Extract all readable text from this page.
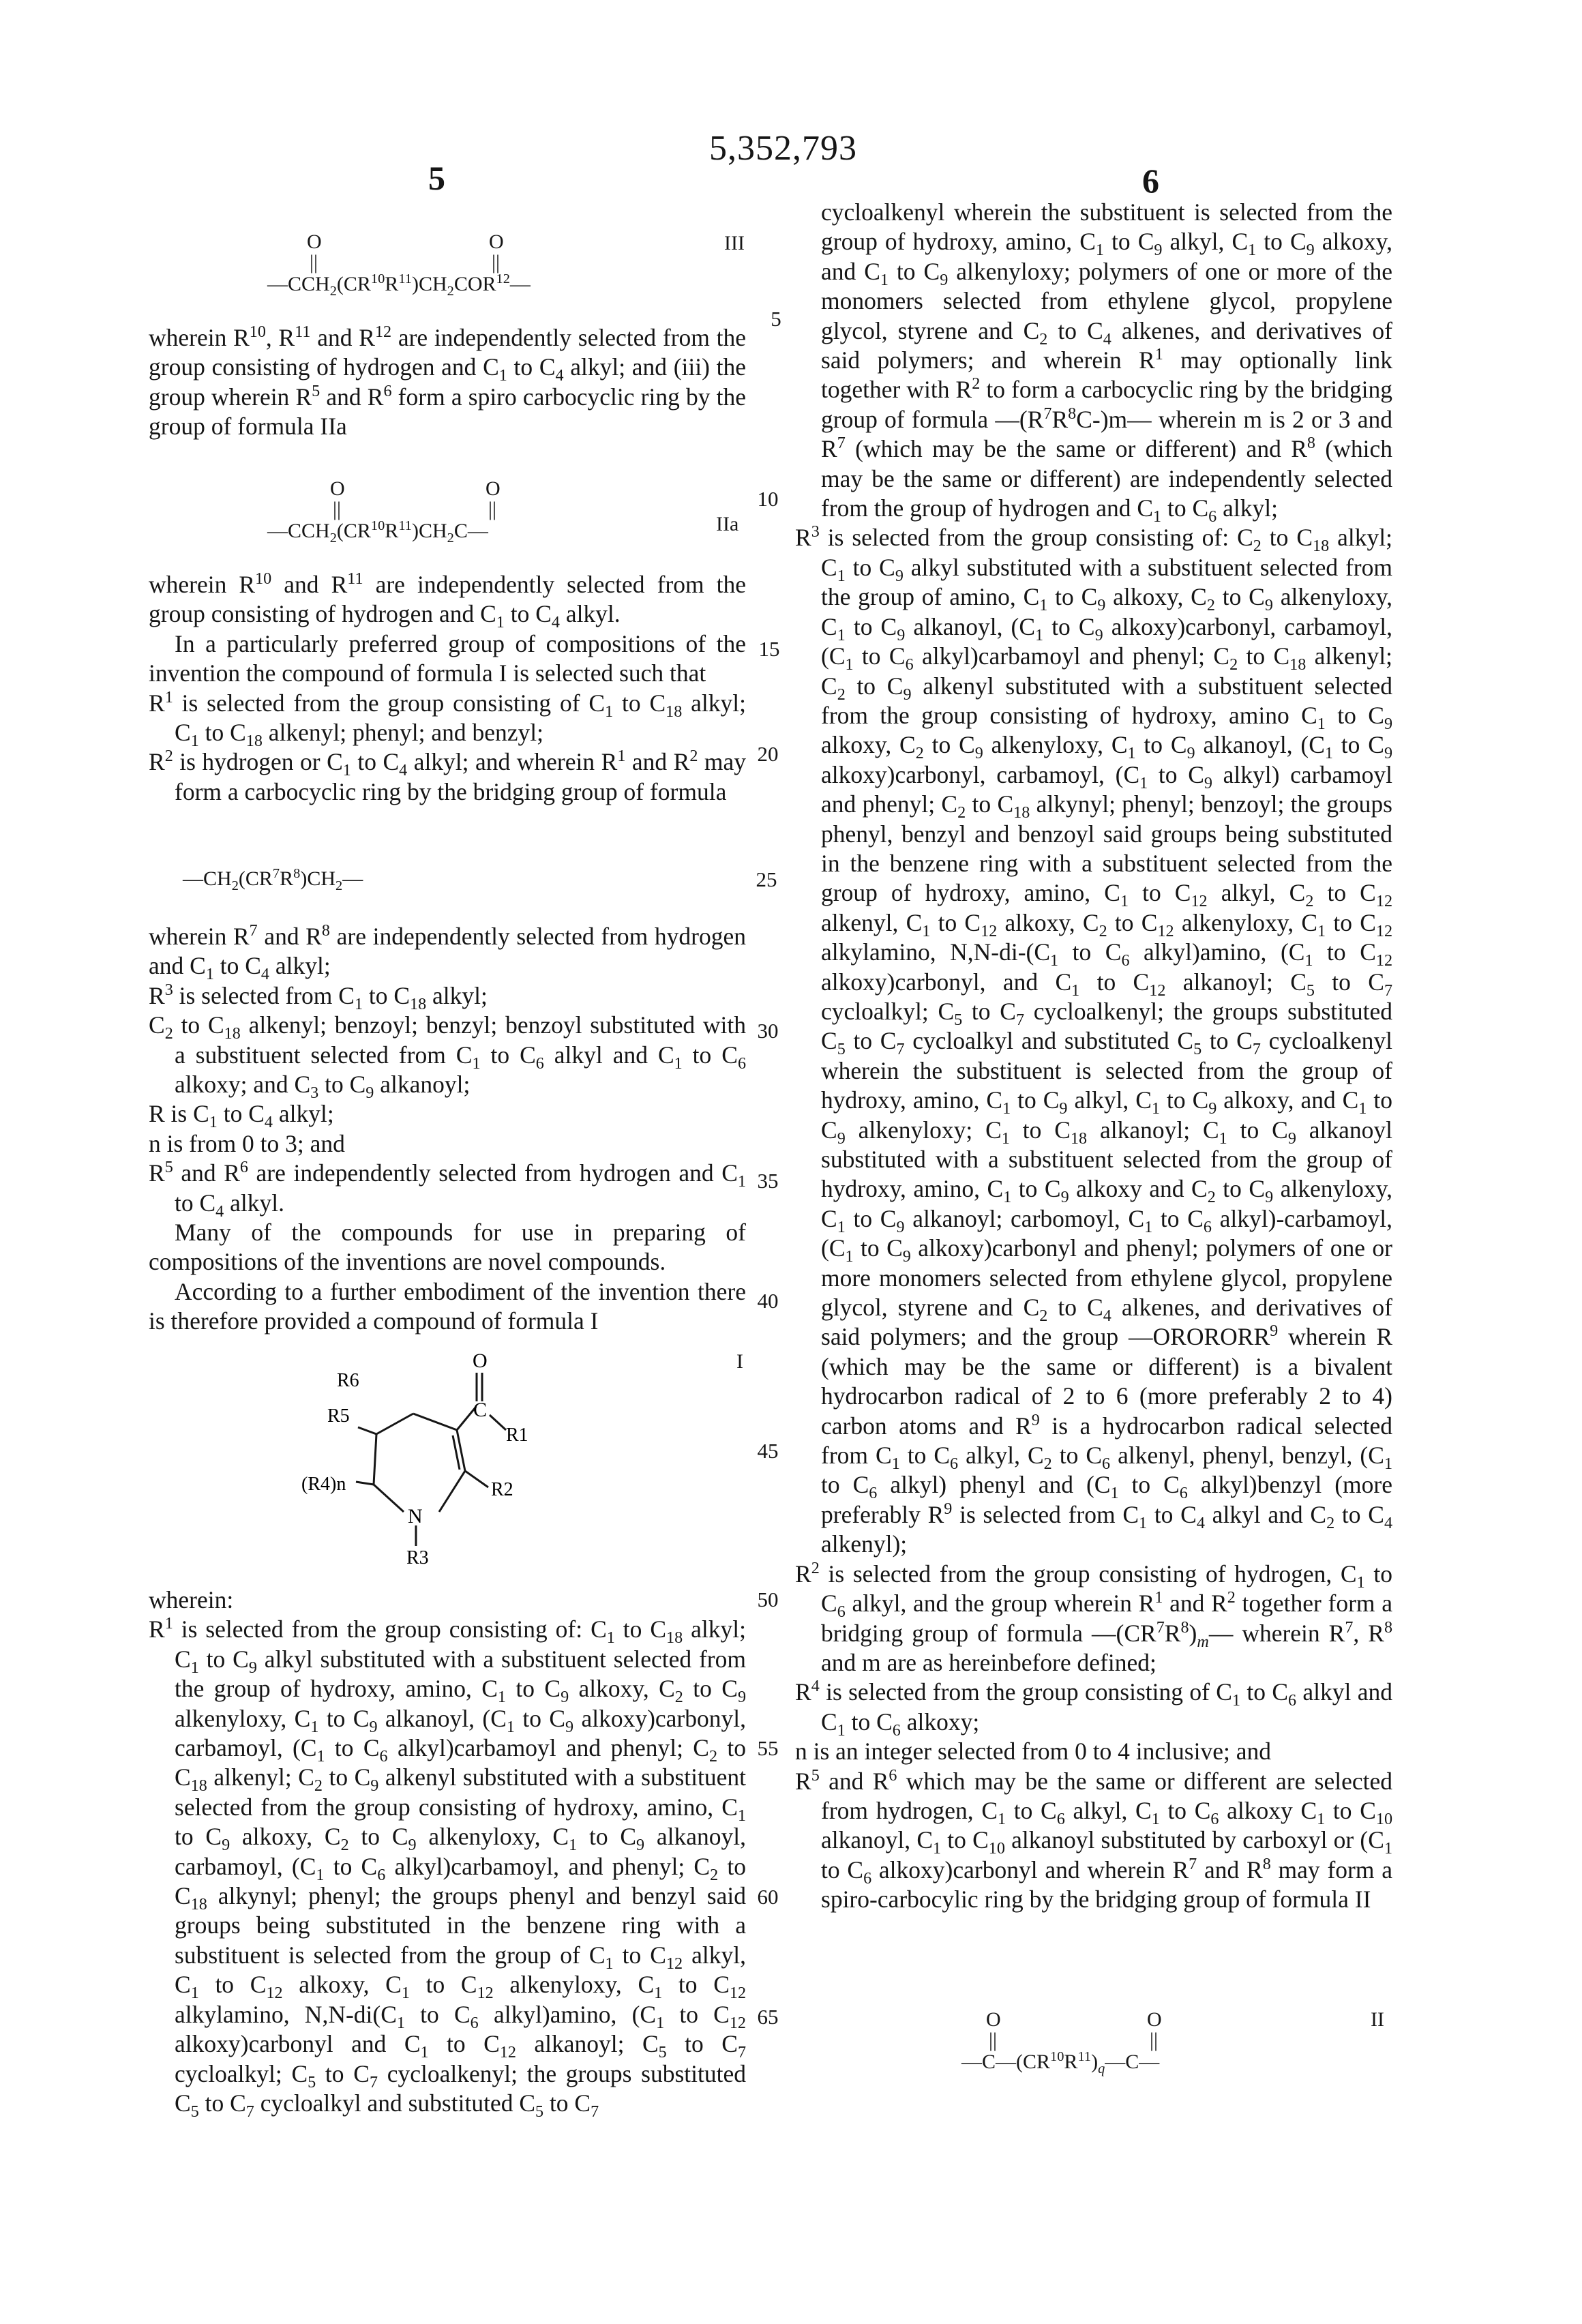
5,352,793
5	6
O	O
||	||
—CCH2(CR10R11)CH2COR12—
III

wherein R10, R11 and R12 are independently selected from the group consisting of hydrogen and C1 to C4 alkyl; and (iii) the group wherein R5 and R6 form a spiro carbocyclic ring by the group of formula IIa

O	O
||	||
—CCH2(CR10R11)CH2C—	IIa

wherein R10 and R11 are independently selected from the group consisting of hydrogen and C1 to C4 alkyl.

In a particularly preferred group of compositions of the invention the compound of formula I is selected such that

R1 is selected from the group consisting of C1 to C18 alkyl; C1 to C18 alkenyl; phenyl; and benzyl;

R2 is hydrogen or C1 to C4 alkyl; and wherein R1 and R2 may form a carbocyclic ring by the bridging group of formula

—CH2(CR7R8)CH2—

wherein R7 and R8 are independently selected from hydrogen and C1 to C4 alkyl;

R3 is selected from C1 to C18 alkyl;

C2 to C18 alkenyl; benzoyl; benzyl; benzoyl substituted with a substituent selected from C1 to C6 alkyl and C1 to C6 alkoxy; and C3 to C9 alkanoyl;

R is C1 to C4 alkyl;

n is from 0 to 3; and

R5 and R6 are independently selected from hydrogen and C1 to C4 alkyl.

Many of the compounds for use in preparing of compositions of the inventions are novel compounds.

According to a further embodiment of the invention there is therefore provided a compound of formula I

O
C
R1
R2
N
R3
R6
R5
(R4)n
I

wherein:

R1 is selected from the group consisting of: C1 to C18 alkyl; C1 to C9 alkyl substituted with a substituent selected from the group of hydroxy, amino, C1 to C9 alkoxy, C2 to C9 alkenyloxy, C1 to C9 alkanoyl, (C1 to C9 alkoxy)carbonyl, carbamoyl, (C1 to C6 alkyl)carbamoyl and phenyl; C2 to C18 alkenyl; C2 to C9 alkenyl substituted with a substituent selected from the group consisting of hydroxy, amino, C1 to C9 alkoxy, C2 to C9 alkenyloxy, C1 to C9 alkanoyl, carbamoyl, (C1 to C6 alkyl)carbamoyl, and phenyl; C2 to C18 alkynyl; phenyl; the groups phenyl and benzyl said groups being substituted in the benzene ring with a substituent is selected from the group of C1 to C12 alkyl, C1 to C12 alkoxy, C1 to C12 alkenyloxy, C1 to C12 alkylamino, N,N-di(C1 to C6 alkyl)amino, (C1 to C12 alkoxy)carbonyl and C1 to C12 alkanoyl; C5 to C7 cycloalkyl; C5 to C7 cycloalkenyl; the groups substituted C5 to C7 cycloalkyl and substituted C5 to C7

5
10
15
20
25
30
35
40
45
50
55
60
65

cycloalkenyl wherein the substituent is selected from the group of hydroxy, amino, C1 to C9 alkyl, C1 to C9 alkoxy, and C1 to C9 alkenyloxy; polymers of one or more of the monomers selected from ethylene glycol, propylene glycol, styrene and C2 to C4 alkenes, and derivatives of said polymers; and wherein R1 may optionally link together with R2 to form a carbocyclic ring by the bridging group of formula —(R7R8C-)m— wherein m is 2 or 3 and R7 (which may be the same or different) and R8 (which may be the same or different) are independently selected from the group of hydrogen and C1 to C6 alkyl;

R3 is selected from the group consisting of: C2 to C18 alkyl; C1 to C9 alkyl substituted with a substituent selected from the group of amino, C1 to C9 alkoxy, C2 to C9 alkenyloxy, C1 to C9 alkanoyl, (C1 to C9 alkoxy)carbonyl, carbamoyl, (C1 to C6 alkyl)carbamoyl and phenyl; C2 to C18 alkenyl; C2 to C9 alkenyl substituted with a substituent selected from the group consisting of hydroxy, amino C1 to C9 alkoxy, C2 to C9 alkenyloxy, C1 to C9 alkanoyl, (C1 to C9 alkoxy)carbonyl, carbamoyl, (C1 to C9 alkyl) carbamoyl and phenyl; C2 to C18 alkynyl; phenyl; benzoyl; the groups phenyl, benzyl and benzoyl said groups being substituted in the benzene ring with a substituent selected from the group of hydroxy, amino, C1 to C12 alkyl, C2 to C12 alkenyl, C1 to C12 alkoxy, C2 to C12 alkenyloxy, C1 to C12 alkylamino, N,N-di-(C1 to C6 alkyl)amino, (C1 to C12 alkoxy)carbonyl, and C1 to C12 alkanoyl; C5 to C7 cycloalkyl; C5 to C7 cycloalkenyl; the groups substituted C5 to C7 cycloalkyl and substituted C5 to C7 cycloalkenyl wherein the substituent is selected from the group of hydroxy, amino, C1 to C9 alkyl, C1 to C9 alkoxy, and C1 to C9 alkenyloxy; C1 to C18 alkanoyl; C1 to C9 alkanoyl substituted with a substituent selected from the group of hydroxy, amino, C1 to C9 alkoxy and C2 to C9 alkenyloxy, C1 to C9 alkanoyl; carbomoyl, C1 to C6 alkyl)-carbamoyl, (C1 to C9 alkoxy)carbonyl and phenyl; polymers of one or more monomers selected from ethylene glycol, propylene glycol, styrene and C2 to C4 alkenes, and derivatives of said polymers; and the group —ORORORR9 wherein R (which may be the same or different) is a bivalent hydrocarbon radical of 2 to 6 (more preferably 2 to 4) carbon atoms and R9 is a hydrocarbon radical selected from C1 to C6 alkyl, C2 to C6 alkenyl, phenyl, benzyl, (C1 to C6 alkyl) phenyl and (C1 to C6 alkyl)benzyl (more preferably R9 is selected from C1 to C4 alkyl and C2 to C4 alkenyl);

R2 is selected from the group consisting of hydrogen, C1 to C6 alkyl, and the group wherein R1 and R2 together form a bridging group of formula —(CR7R8)m— wherein R7, R8 and m are as hereinbefore defined;

R4 is selected from the group consisting of C1 to C6 alkyl and C1 to C6 alkoxy;

n is an integer selected from 0 to 4 inclusive; and

R5 and R6 which may be the same or different are selected from hydrogen, C1 to C6 alkyl, C1 to C6 alkoxy C1 to C10 alkanoyl, C1 to C10 alkanoyl substituted by carboxyl or (C1 to C6 alkoxy)carbonyl and wherein R7 and R8 may form a spiro-carbocylic ring by the bridging group of formula II

O	O
||	||
—C—(CR10R11)q—C—
II
